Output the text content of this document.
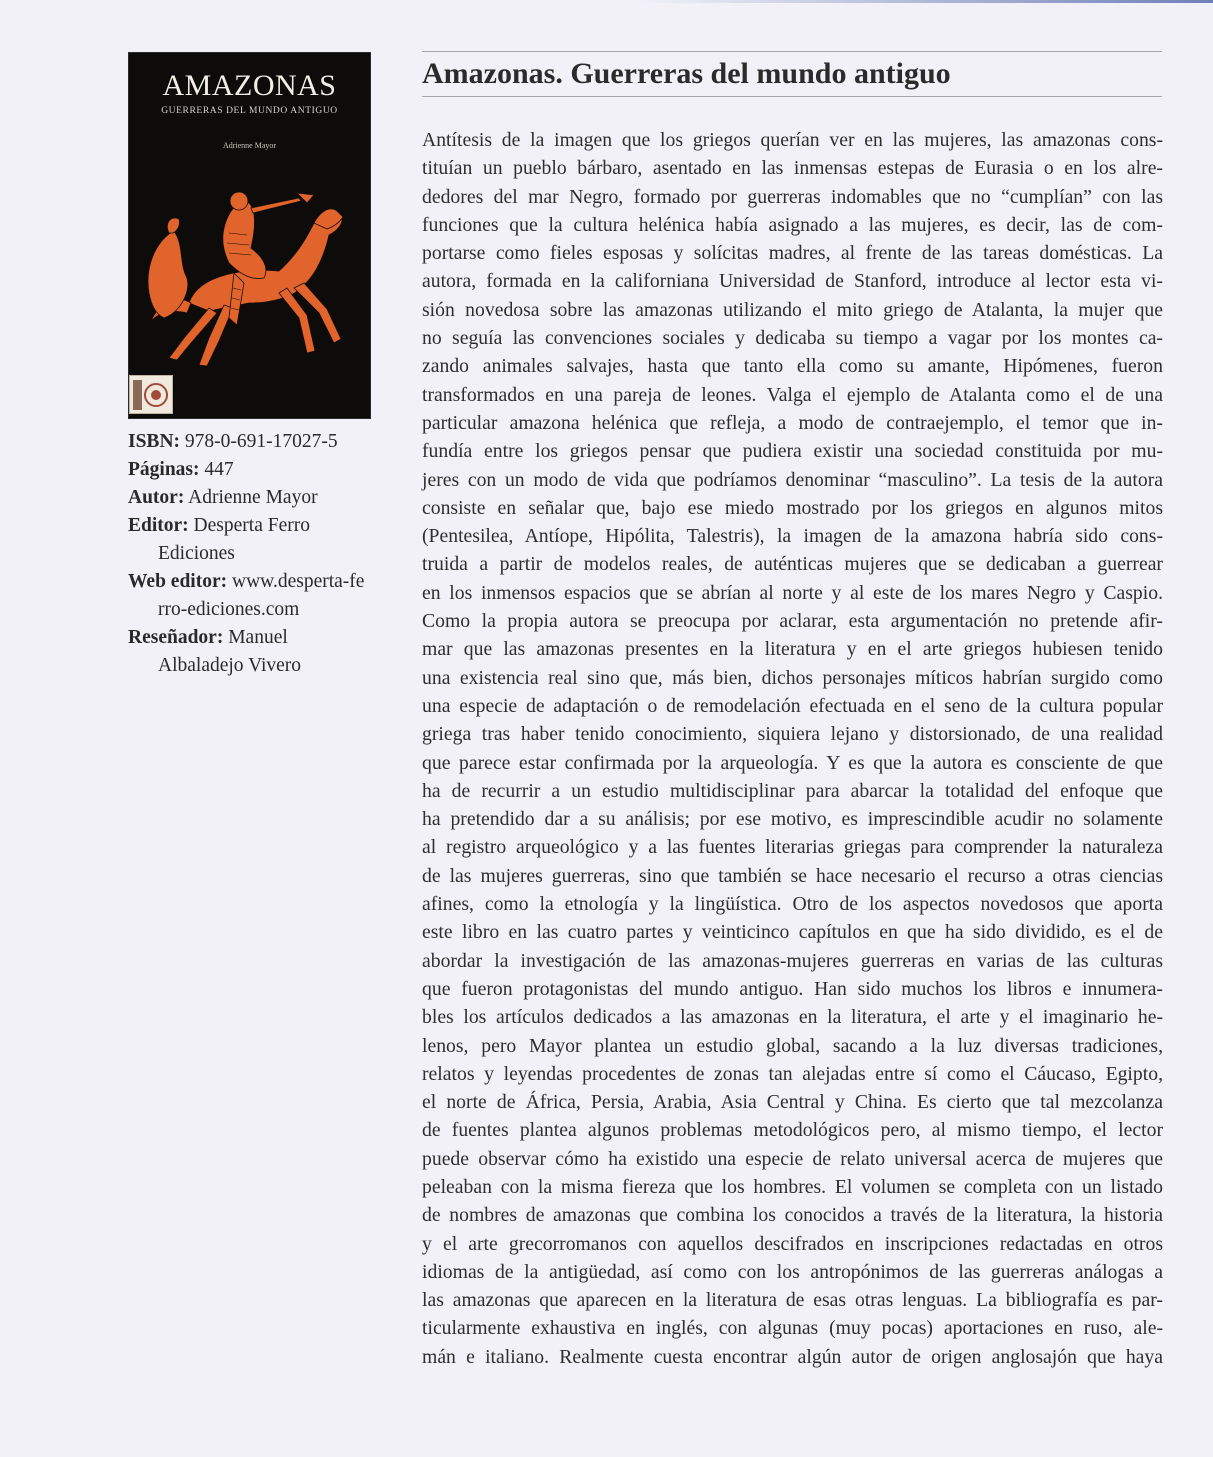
AMAZONAS
GUERRERAS DEL MUNDO ANTIGUO
Adrienne Mayor
ISBN: 978-0-691-17027-5
Páginas: 447
Autor: Adrienne Mayor
Editor: Desperta Ferro Ediciones
Web editor: www.desperta-ferro-ediciones.com
Reseñador: Manuel Albaladejo Vivero
Amazonas. Guerreras del mundo antiguo
Antítesis de la imagen que los griegos querían ver en las mujeres, las amazonas cons-
tituían un pueblo bárbaro, asentado en las inmensas estepas de Eurasia o en los alre-
dedores del mar Negro, formado por guerreras indomables que no “cumplían” con las
funciones que la cultura helénica había asignado a las mujeres, es decir, las de com-
portarse como fieles esposas y solícitas madres, al frente de las tareas domésticas. La
autora, formada en la californiana Universidad de Stanford, introduce al lector esta vi-
sión novedosa sobre las amazonas utilizando el mito griego de Atalanta, la mujer que
no seguía las convenciones sociales y dedicaba su tiempo a vagar por los montes ca-
zando animales salvajes, hasta que tanto ella como su amante, Hipómenes, fueron
transformados en una pareja de leones. Valga el ejemplo de Atalanta como el de una
particular amazona helénica que refleja, a modo de contraejemplo, el temor que in-
fundía entre los griegos pensar que pudiera existir una sociedad constituida por mu-
jeres con un modo de vida que podríamos denominar “masculino”. La tesis de la autora
consiste en señalar que, bajo ese miedo mostrado por los griegos en algunos mitos
(Pentesilea, Antíope, Hipólita, Talestris), la imagen de la amazona habría sido cons-
truida a partir de modelos reales, de auténticas mujeres que se dedicaban a guerrear
en los inmensos espacios que se abrían al norte y al este de los mares Negro y Caspio.
Como la propia autora se preocupa por aclarar, esta argumentación no pretende afir-
mar que las amazonas presentes en la literatura y en el arte griegos hubiesen tenido
una existencia real sino que, más bien, dichos personajes míticos habrían surgido como
una especie de adaptación o de remodelación efectuada en el seno de la cultura popular
griega tras haber tenido conocimiento, siquiera lejano y distorsionado, de una realidad
que parece estar confirmada por la arqueología. Y es que la autora es consciente de que
ha de recurrir a un estudio multidisciplinar para abarcar la totalidad del enfoque que
ha pretendido dar a su análisis; por ese motivo, es imprescindible acudir no solamente
al registro arqueológico y a las fuentes literarias griegas para comprender la naturaleza
de las mujeres guerreras, sino que también se hace necesario el recurso a otras ciencias
afines, como la etnología y la lingüística. Otro de los aspectos novedosos que aporta
este libro en las cuatro partes y veinticinco capítulos en que ha sido dividido, es el de
abordar la investigación de las amazonas-mujeres guerreras en varias de las culturas
que fueron protagonistas del mundo antiguo. Han sido muchos los libros e innumera-
bles los artículos dedicados a las amazonas en la literatura, el arte y el imaginario he-
lenos, pero Mayor plantea un estudio global, sacando a la luz diversas tradiciones,
relatos y leyendas procedentes de zonas tan alejadas entre sí como el Cáucaso, Egipto,
el norte de África, Persia, Arabia, Asia Central y China. Es cierto que tal mezcolanza
de fuentes plantea algunos problemas metodológicos pero, al mismo tiempo, el lector
puede observar cómo ha existido una especie de relato universal acerca de mujeres que
peleaban con la misma fiereza que los hombres. El volumen se completa con un listado
de nombres de amazonas que combina los conocidos a través de la literatura, la historia
y el arte grecorromanos con aquellos descifrados en inscripciones redactadas en otros
idiomas de la antigüedad, así como con los antropónimos de las guerreras análogas a
las amazonas que aparecen en la literatura de esas otras lenguas. La bibliografía es par-
ticularmente exhaustiva en inglés, con algunas (muy pocas) aportaciones en ruso, ale-
mán e italiano. Realmente cuesta encontrar algún autor de origen anglosajón que haya
